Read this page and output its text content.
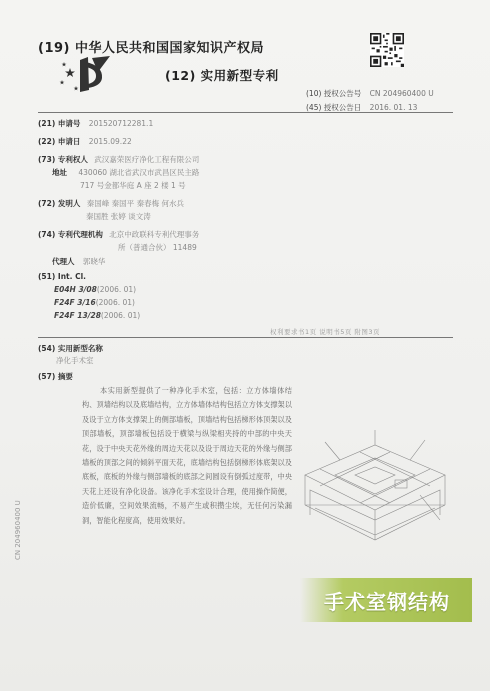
(19) 中华人民共和国国家知识产权局
(12) 实用新型专利
(10) 授权公告号 CN 204960400 U
(45) 授权公告日 2016. 01. 13
(21) 申请号 201520712281.1
(22) 申请日 2015.09.22
(73) 专利权人 武汉嘉荣医疗净化工程有限公司
地址 430060 湖北省武汉市武昌区民主路
717 号金都华庭 A 座 2 楼 1 号
(72) 发明人 秦国峰 秦国平 秦春梅 何水兵
秦国胜 张婷 谈文涛
(74) 专利代理机构 北京中政联科专利代理事务
所（普通合伙） 11489
代理人 郭晓华
(51) Int. Cl.
E04H 3/08(2006. 01)
F24F 3/16(2006. 01)
F24F 13/28(2006. 01)
权利要求书1页 说明书5页 附图3页
(54) 实用新型名称
净化手术室
(57) 摘要
本实用新型提供了一种净化手术室，包括：立方体墙体结构、顶墙结构以及底墙结构，立方体墙体结构包括立方体支撑架以及设于立方体支撑架上的侧部墙板，顶墙结构包括梯形体顶架以及顶部墙板，顶部墙板包括设于横梁与纵梁相夹持的中部的中央天花，设于中央天花外缘的周边天花以及设于周边天花的外缘与侧部墙板的顶部之间的倾斜平面天花，底墙结构包括倒梯形体底架以及底板，底板的外缘与侧部墙板的底部之间圆设有倒弧过度带，中央天花上还设有净化设备。该净化手术室设计合理，使用操作简便，造价低廉，空间效果流畅，不易产生或积攒尘埃，无任何污染漏洞，智能化程度高，使用效果好。
CN 204960400 U
手术室钢结构
